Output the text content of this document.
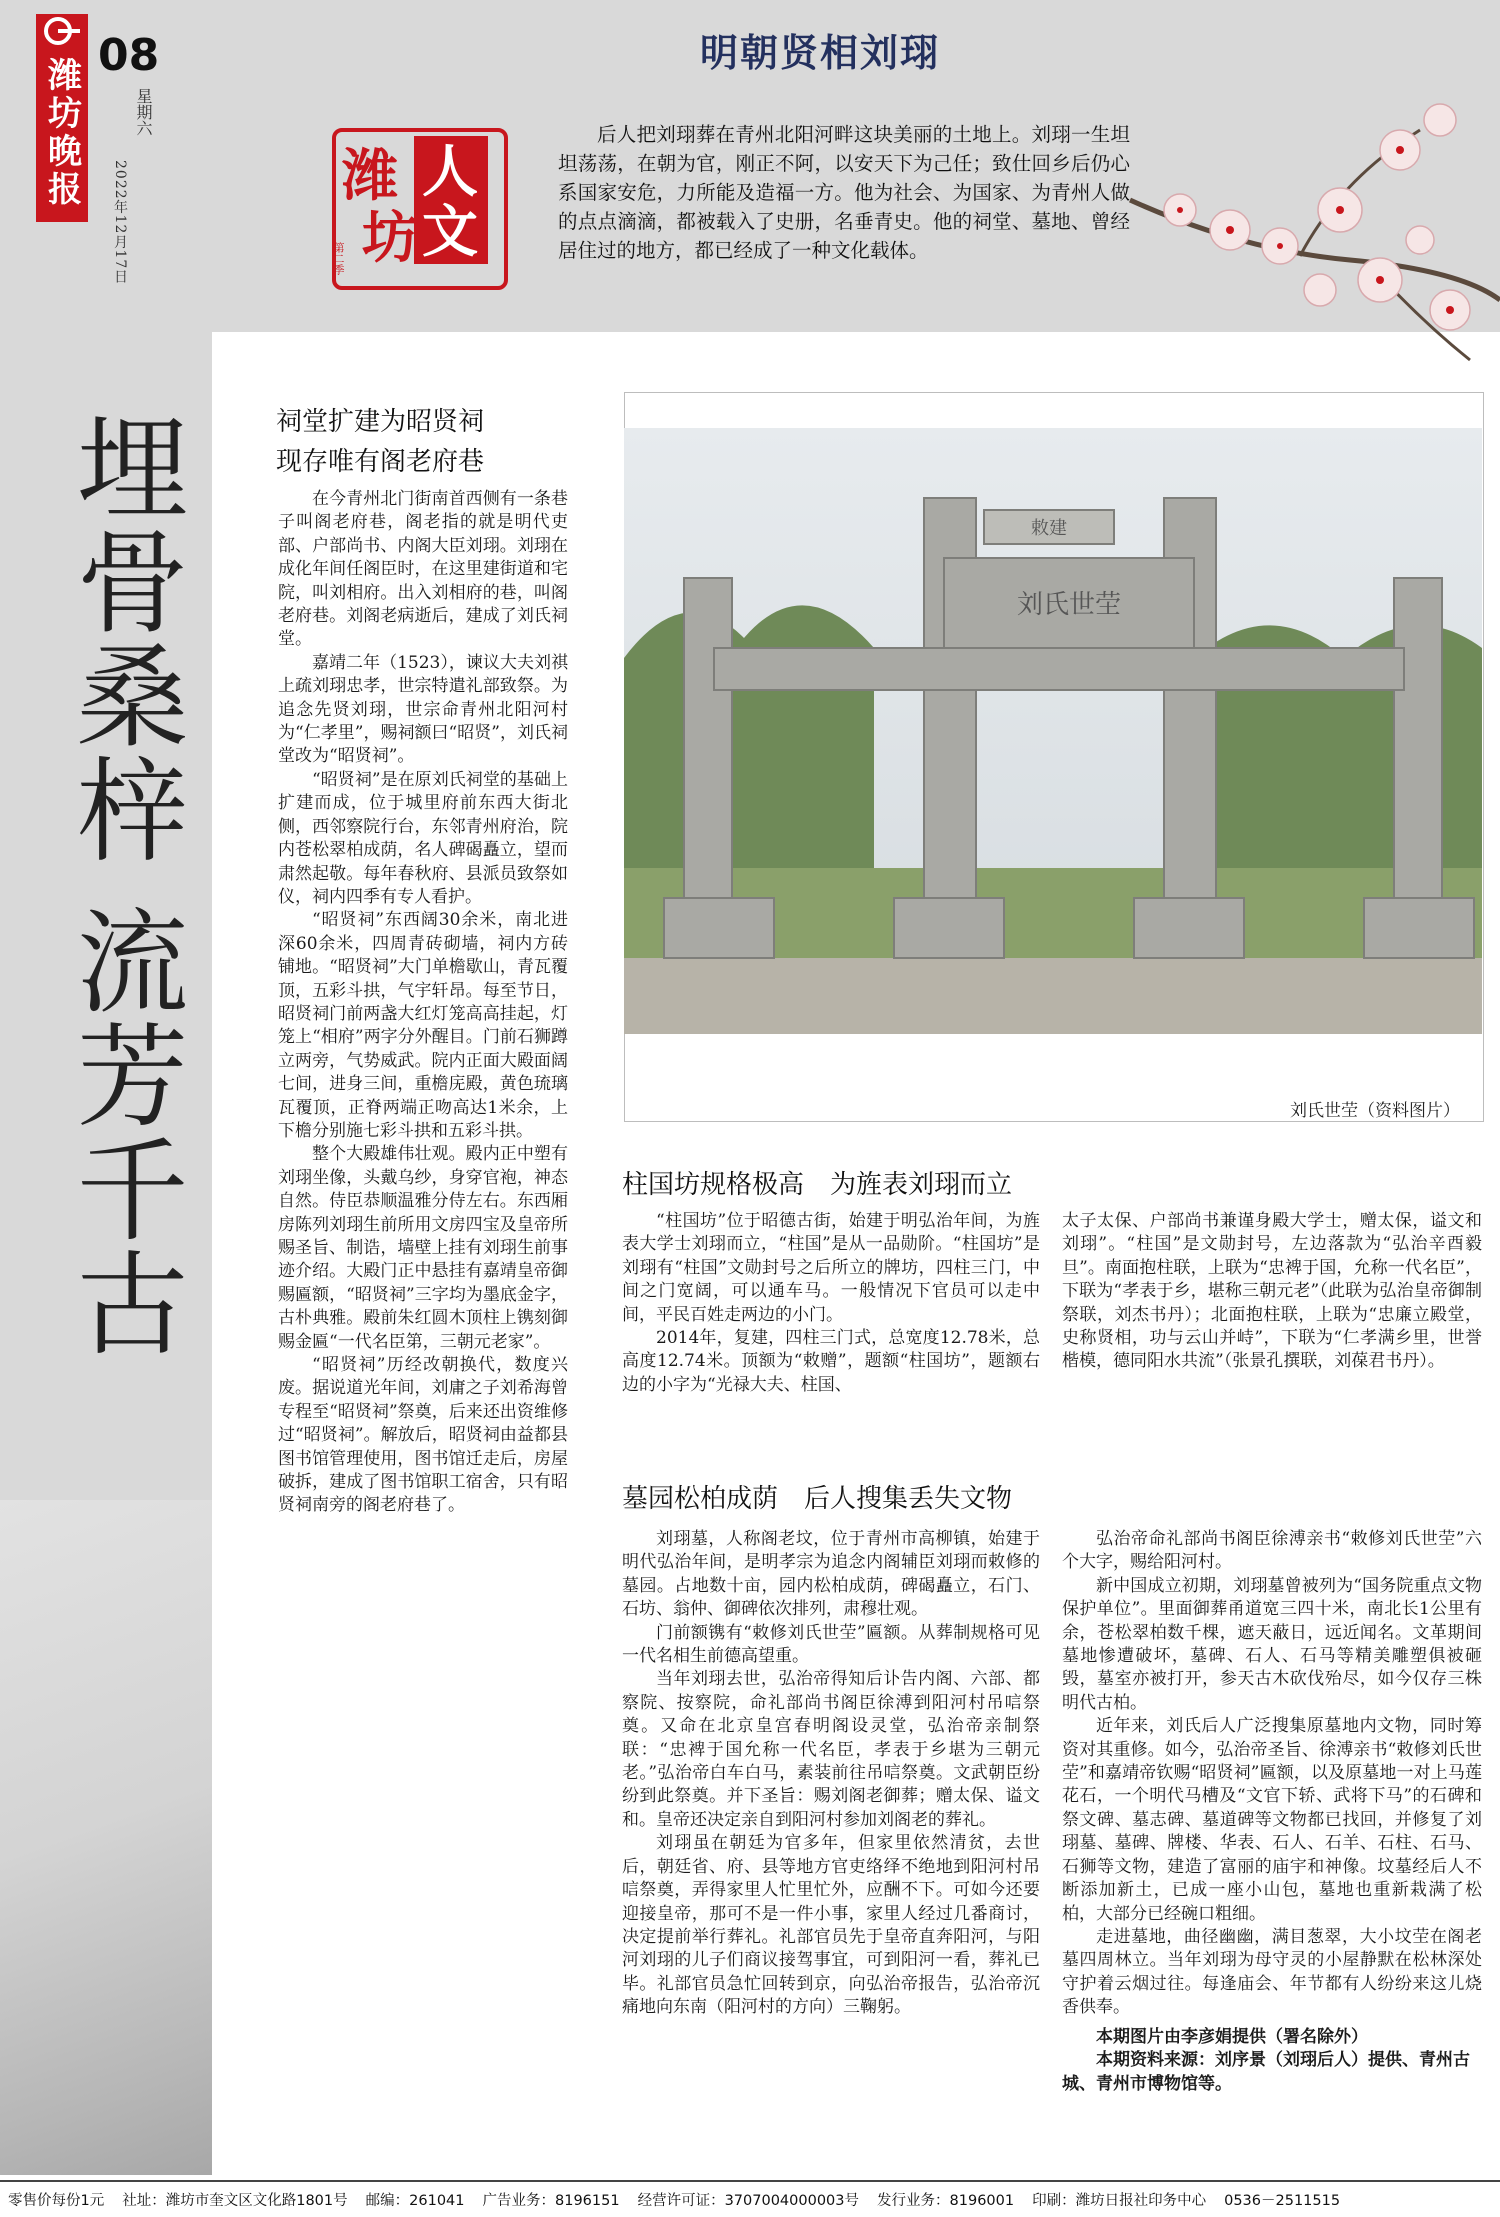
潍坊晚报
08
星期六
2022年12月17日	潍
坊
人
文
第二季
明朝贤相刘珝
后人把刘珝葬在青州北阳河畔这块美丽的土地上。刘珝一生坦坦荡荡，在朝为官，刚正不阿，以安天下为己任；致仕回乡后仍心系国家安危，力所能及造福一方。他为社会、为国家、为青州人做的点点滴滴，都被载入了史册，名垂青史。他的祠堂、墓地、曾经居住过的地方，都已经成了一种文化载体。
埋骨桑梓 流芳千古	祠堂扩建为昭贤祠
现存唯有阁老府巷

在今青州北门街南首西侧有一条巷子叫阁老府巷，阁老指的就是明代吏部、户部尚书、内阁大臣刘珝。刘珝在成化年间任阁臣时，在这里建街道和宅院，叫刘相府。出入刘相府的巷，叫阁老府巷。刘阁老病逝后，建成了刘氏祠堂。

嘉靖二年（1523），谏议大夫刘祺上疏刘珝忠孝，世宗特遣礼部致祭。为追念先贤刘珝，世宗命青州北阳河村为“仁孝里”，赐祠额曰“昭贤”，刘氏祠堂改为“昭贤祠”。

“昭贤祠”是在原刘氏祠堂的基础上扩建而成，位于城里府前东西大街北侧，西邻察院行台，东邻青州府治，院内苍松翠柏成荫，名人碑碣矗立，望而肃然起敬。每年春秋府、县派员致祭如仪，祠内四季有专人看护。

“昭贤祠”东西阔30余米，南北进深60余米，四周青砖砌墙，祠内方砖铺地。“昭贤祠”大门单檐歇山，青瓦覆顶，五彩斗拱，气宇轩昂。每至节日，昭贤祠门前两盏大红灯笼高高挂起，灯笼上“相府”两字分外醒目。门前石狮蹲立两旁，气势威武。院内正面大殿面阔七间，进身三间，重檐庑殿，黄色琉璃瓦覆顶，正脊两端正吻高达1米余，上下檐分别施七彩斗拱和五彩斗拱。

整个大殿雄伟壮观。殿内正中塑有刘珝坐像，头戴乌纱，身穿官袍，神态自然。侍臣恭顺温雅分侍左右。东西厢房陈列刘珝生前所用文房四宝及皇帝所赐圣旨、制诰，墙壁上挂有刘珝生前事迹介绍。大殿门正中悬挂有嘉靖皇帝御赐匾额，“昭贤祠”三字均为墨底金字，古朴典雅。殿前朱红圆木顶柱上镌刻御赐金匾“一代名臣第，三朝元老家”。

“昭贤祠”历经改朝换代，数度兴废。据说道光年间，刘庸之子刘希海曾专程至“昭贤祠”祭奠，后来还出资维修过“昭贤祠”。解放后，昭贤祠由益都县图书馆管理使用，图书馆迁走后，房屋破拆，建成了图书馆职工宿舍，只有昭贤祠南旁的阁老府巷了。

敕建
刘氏世茔
刘氏世茔（资料图片）
柱国坊规格极高　为旌表刘珝而立

“柱国坊”位于昭德古街，始建于明弘治年间，为旌表大学士刘珝而立，“柱国”是从一品勋阶。“柱国坊”是刘珝有“柱国”文勋封号之后所立的牌坊，四柱三门，中间之门宽阔，可以通车马。一般情况下官员可以走中间，平民百姓走两边的小门。

2014年，复建，四柱三门式，总宽度12.78米，总高度12.74米。顶额为“敕赠”，题额“柱国坊”，题额右边的小字为“光禄大夫、柱国、

太子太保、户部尚书兼谨身殿大学士，赠太保，谥文和刘珝”。“柱国”是文勋封号，左边落款为“弘治辛酉毅旦”。南面抱柱联，上联为“忠裨于国，允称一代名臣”，下联为“孝表于乡，堪称三朝元老”（此联为弘治皇帝御制祭联，刘杰书丹）；北面抱柱联，上联为“忠廉立殿堂，史称贤相，功与云山并峙”，下联为“仁孝满乡里，世誉楷模，德同阳水共流”（张景孔撰联，刘葆君书丹）。

墓园松柏成荫　后人搜集丢失文物

刘珝墓，人称阁老坟，位于青州市高柳镇，始建于明代弘治年间，是明孝宗为追念内阁辅臣刘珝而敕修的墓园。占地数十亩，园内松柏成荫，碑碣矗立，石门、石坊、翁仲、御碑依次排列，肃穆壮观。

门前额镌有“敕修刘氏世茔”匾额。从葬制规格可见一代名相生前德高望重。

当年刘珝去世，弘治帝得知后讣告内阁、六部、都察院、按察院，命礼部尚书阁臣徐溥到阳河村吊唁祭奠。又命在北京皇宫春明阁设灵堂，弘治帝亲制祭联：“忠裨于国允称一代名臣，孝表于乡堪为三朝元老。”弘治帝白车白马，素装前往吊唁祭奠。文武朝臣纷纷到此祭奠。并下圣旨：赐刘阁老御葬；赠太保、谥文和。皇帝还决定亲自到阳河村参加刘阁老的葬礼。

刘珝虽在朝廷为官多年，但家里依然清贫，去世后，朝廷省、府、县等地方官吏络绎不绝地到阳河村吊唁祭奠，弄得家里人忙里忙外，应酬不下。可如今还要迎接皇帝，那可不是一件小事，家里人经过几番商讨，决定提前举行葬礼。礼部官员先于皇帝直奔阳河，与阳河刘珝的儿子们商议接驾事宜，可到阳河一看，葬礼已毕。礼部官员急忙回转到京，向弘治帝报告，弘治帝沉痛地向东南（阳河村的方向）三鞠躬。

弘治帝命礼部尚书阁臣徐溥亲书“敕修刘氏世茔”六个大字，赐给阳河村。

新中国成立初期，刘珝墓曾被列为“国务院重点文物保护单位”。里面御葬甬道宽三四十米，南北长1公里有余，苍松翠柏数千棵，遮天蔽日，远近闻名。文革期间墓地惨遭破坏，墓碑、石人、石马等精美雕塑俱被砸毁，墓室亦被打开，参天古木砍伐殆尽，如今仅存三株明代古柏。

近年来，刘氏后人广泛搜集原墓地内文物，同时筹资对其重修。如今，弘治帝圣旨、徐溥亲书“敕修刘氏世茔”和嘉靖帝钦赐“昭贤祠”匾额，以及原墓地一对上马莲花石，一个明代马槽及“文官下轿、武将下马”的石碑和祭文碑、墓志碑、墓道碑等文物都已找回，并修复了刘珝墓、墓碑、牌楼、华表、石人、石羊、石柱、石马、石狮等文物，建造了富丽的庙宇和神像。坟墓经后人不断添加新土，已成一座小山包，墓地也重新栽满了松柏，大部分已经碗口粗细。

走进墓地，曲径幽幽，满目葱翠，大小坟茔在阁老墓四周林立。当年刘珝为母守灵的小屋静默在松林深处守护着云烟过往。每逢庙会、年节都有人纷纷来这儿烧香供奉。

本期图片由李彦娟提供（署名除外）

本期资料来源：刘序景（刘珝后人）提供、青州古城、青州市博物馆等。

零售价每份1元 社址：潍坊市奎文区文化路1801号 邮编：261041 广告业务：8196151 经营许可证：3707004000003号 发行业务：8196001 印刷：潍坊日报社印务中心 0536－2511515
